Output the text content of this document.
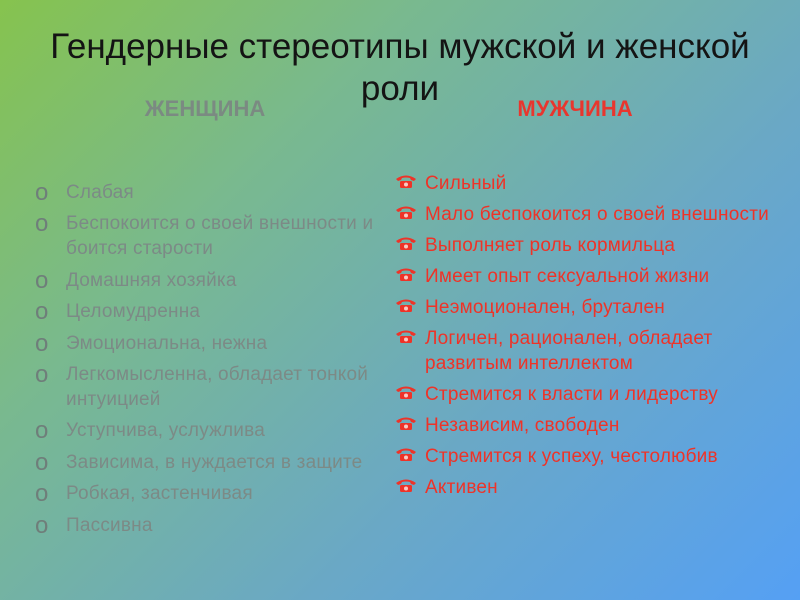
Гендерные стереотипы мужской и женской роли
ЖЕНЩИНА	МУЖЧИНА
o Слабая
o Беспокоится о своей внешности и боится старости
o Домашняя хозяйка
o Целомудренна
o Эмоциональна, нежна
o Легкомысленна, обладает тонкой интуицией
o Уступчива, услужлива
o Зависима, в нуждается в защите
o Робкая, застенчивая
o Пассивна
Сильный
Мало беспокоится о своей внешности
Выполняет роль кормильца
Имеет опыт сексуальной жизни
Неэмоционален, брутален
Логичен, рационален, обладает развитым интеллектом
Стремится к власти и лидерству
Независим, свободен
Стремится к успеху, честолюбив
Активен
